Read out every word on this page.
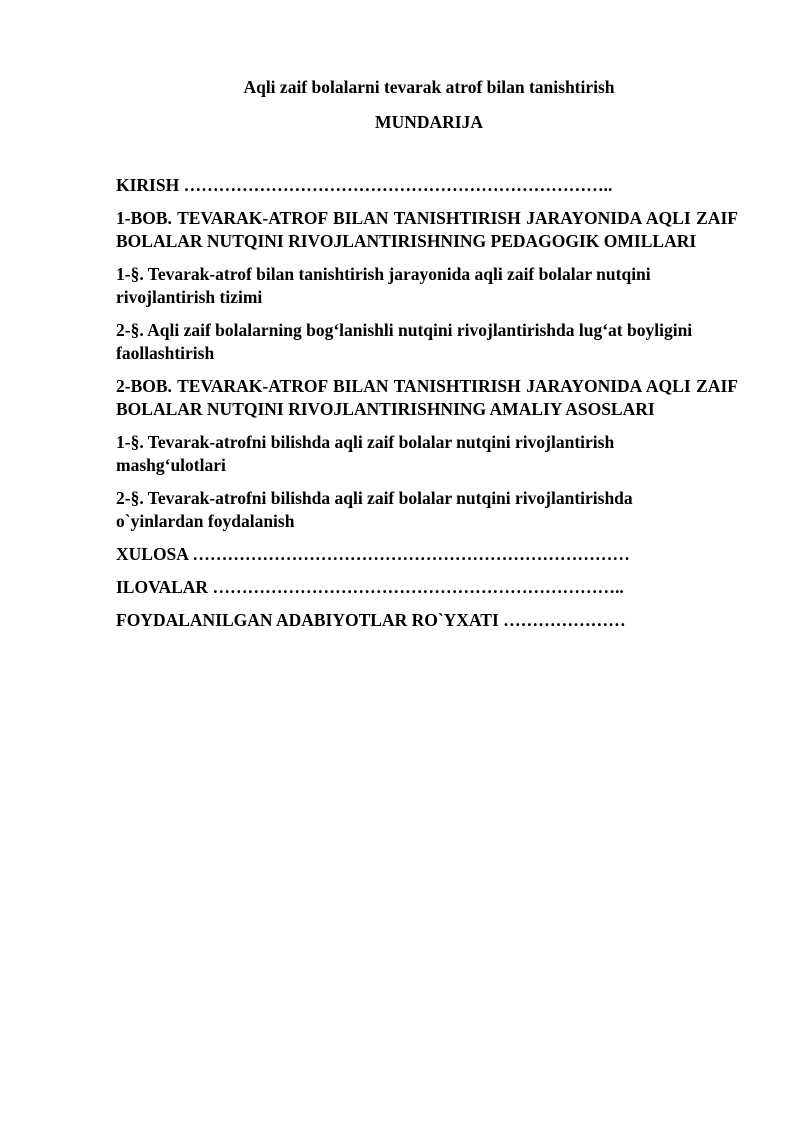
Aqli zaif bolalarni tevarak atrof bilan tanishtirish
MUNDARIJA
KIRISH ………………………………………………………………..
1-BOB. TEVARAK-ATROF BILAN TANISHTIRISH JARAYONIDA AQLI ZAIF BOLALAR NUTQINI RIVOJLANTIRISHNING PEDAGOGIK OMILLARI
1-§. Tevarak-atrof bilan tanishtirish jarayonida aqli zaif bolalar nutqini rivojlantirish tizimi
2-§. Aqli zaif bolalarning bog‘lanishli nutqini rivojlantirishda lug‘at boyligini faollashtirish
2-BOB. TEVARAK-ATROF BILAN TANISHTIRISH JARAYONIDA AQLI ZAIF BOLALAR NUTQINI RIVOJLANTIRISHNING AMALIY ASOSLARI
1-§. Tevarak-atrofni bilishda aqli zaif bolalar nutqini rivojlantirish
mashg‘ulotlari
2-§. Tevarak-atrofni bilishda aqli zaif bolalar nutqini rivojlantirishda
o`yinlardan foydalanish
XULOSA …………………………………………………………………
ILOVALAR ……………………………………………………………..
FOYDALANILGAN ADABIYOTLAR RO`YXATI …………………
